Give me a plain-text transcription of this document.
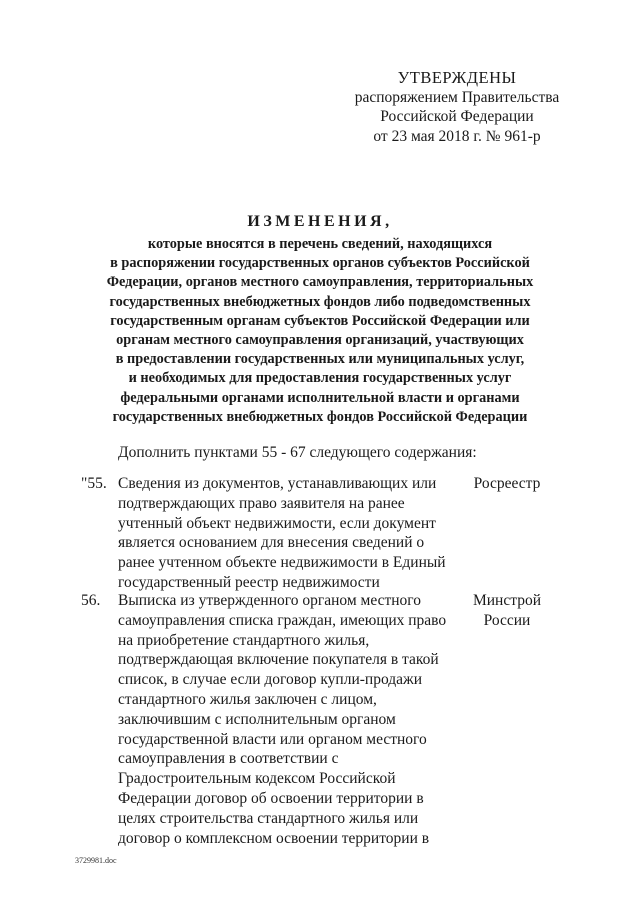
УТВЕРЖДЕНЫ
распоряжением Правительства
Российской Федерации
от 23 мая 2018 г. № 961-р
ИЗМЕНЕНИЯ,
которые вносятся в перечень сведений, находящихся
в распоряжении государственных органов субъектов Российской
Федерации, органов местного самоуправления, территориальных
государственных внебюджетных фондов либо подведомственных
государственным органам субъектов Российской Федерации или
органам местного самоуправления организаций, участвующих
в предоставлении государственных или муниципальных услуг,
и необходимых для предоставления государственных услуг
федеральными органами исполнительной власти и органами
государственных внебюджетных фондов Российской Федерации
Дополнить пунктами 55 - 67 следующего содержания:
"55. Сведения из документов, устанавливающих или
подтверждающих право заявителя на ранее
учтенный объект недвижимости, если документ
является основанием для внесения сведений о
ранее учтенном объекте недвижимости в Единый
государственный реестр недвижимости
Росреестр
56. Выписка из утвержденного органом местного
самоуправления списка граждан, имеющих право
на приобретение стандартного жилья,
подтверждающая включение покупателя в такой
список, в случае если договор купли-продажи
стандартного жилья заключен с лицом,
заключившим с исполнительным органом
государственной власти или органом местного
самоуправления в соответствии с
Градостроительным кодексом Российской
Федерации договор об освоении территории в
целях строительства стандартного жилья или
договор о комплексном освоении территории в
Минстрой
России
3729981.doc
